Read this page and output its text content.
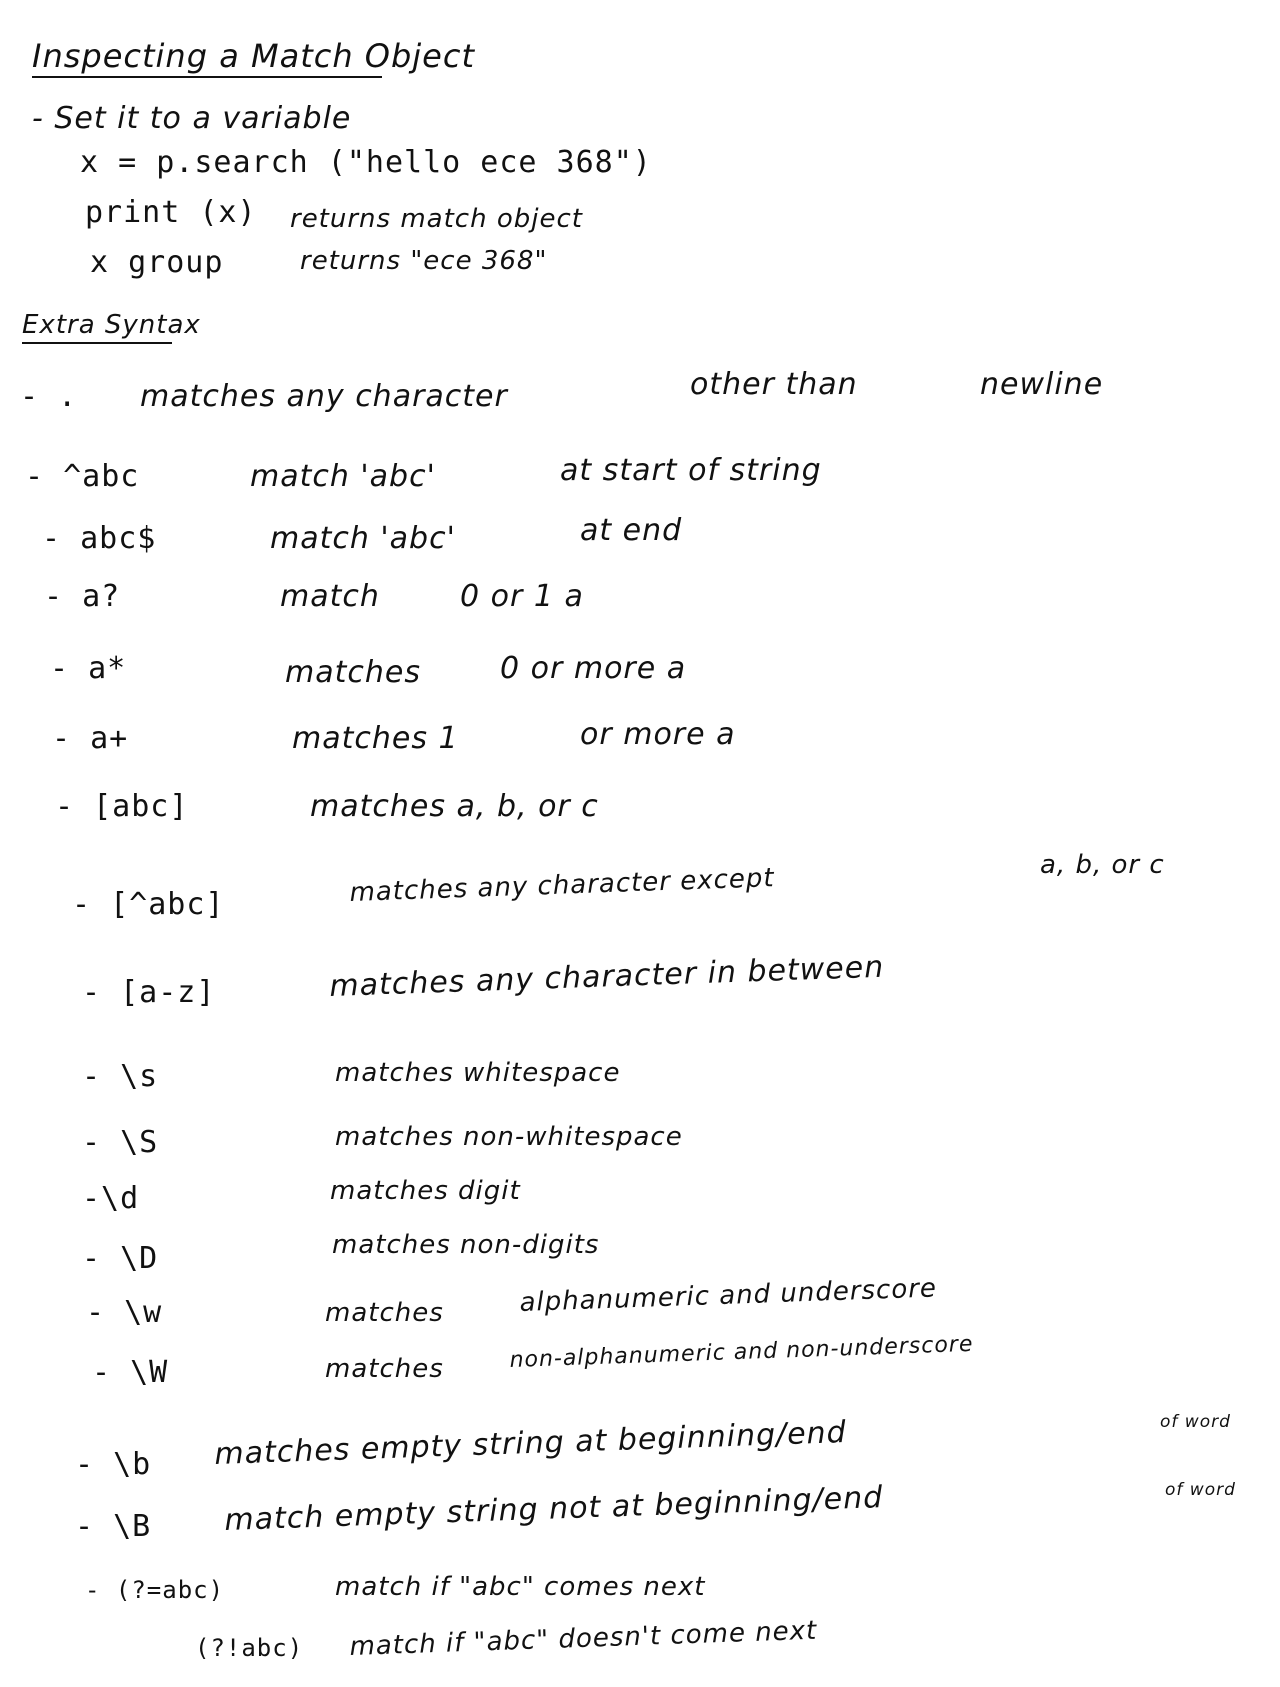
Inspecting a Match Object
- Set it to a variable
x = p.search ("hello ece 368")
print (x) returns match object
x group	returns "ece 368"
Extra Syntax
- . matches any character	other than	newline
- ^abc	match 'abc'	at start of string
- abc$	match 'abc'	at end
- a?	match	0 or 1 a
- a*	matches	0 or more a
- a+	matches 1	or more a
- [abc]	matches a, b, or c
- [^abc]	matches any character except	a, b, or c
- [a-z]	matches any character in between
- \s	matches whitespace
- \S	matches non-whitespace
-\d	matches digit
- \D	matches non-digits
- \w	matches	alphanumeric and underscore
- \W	matches	non-alphanumeric and non-underscore
- \b matches empty string at beginning/end	of word
- \B match empty string not at beginning/end	of word
- (?=abc)	match if "abc" comes next
(?!abc) match if "abc" doesn't come next
